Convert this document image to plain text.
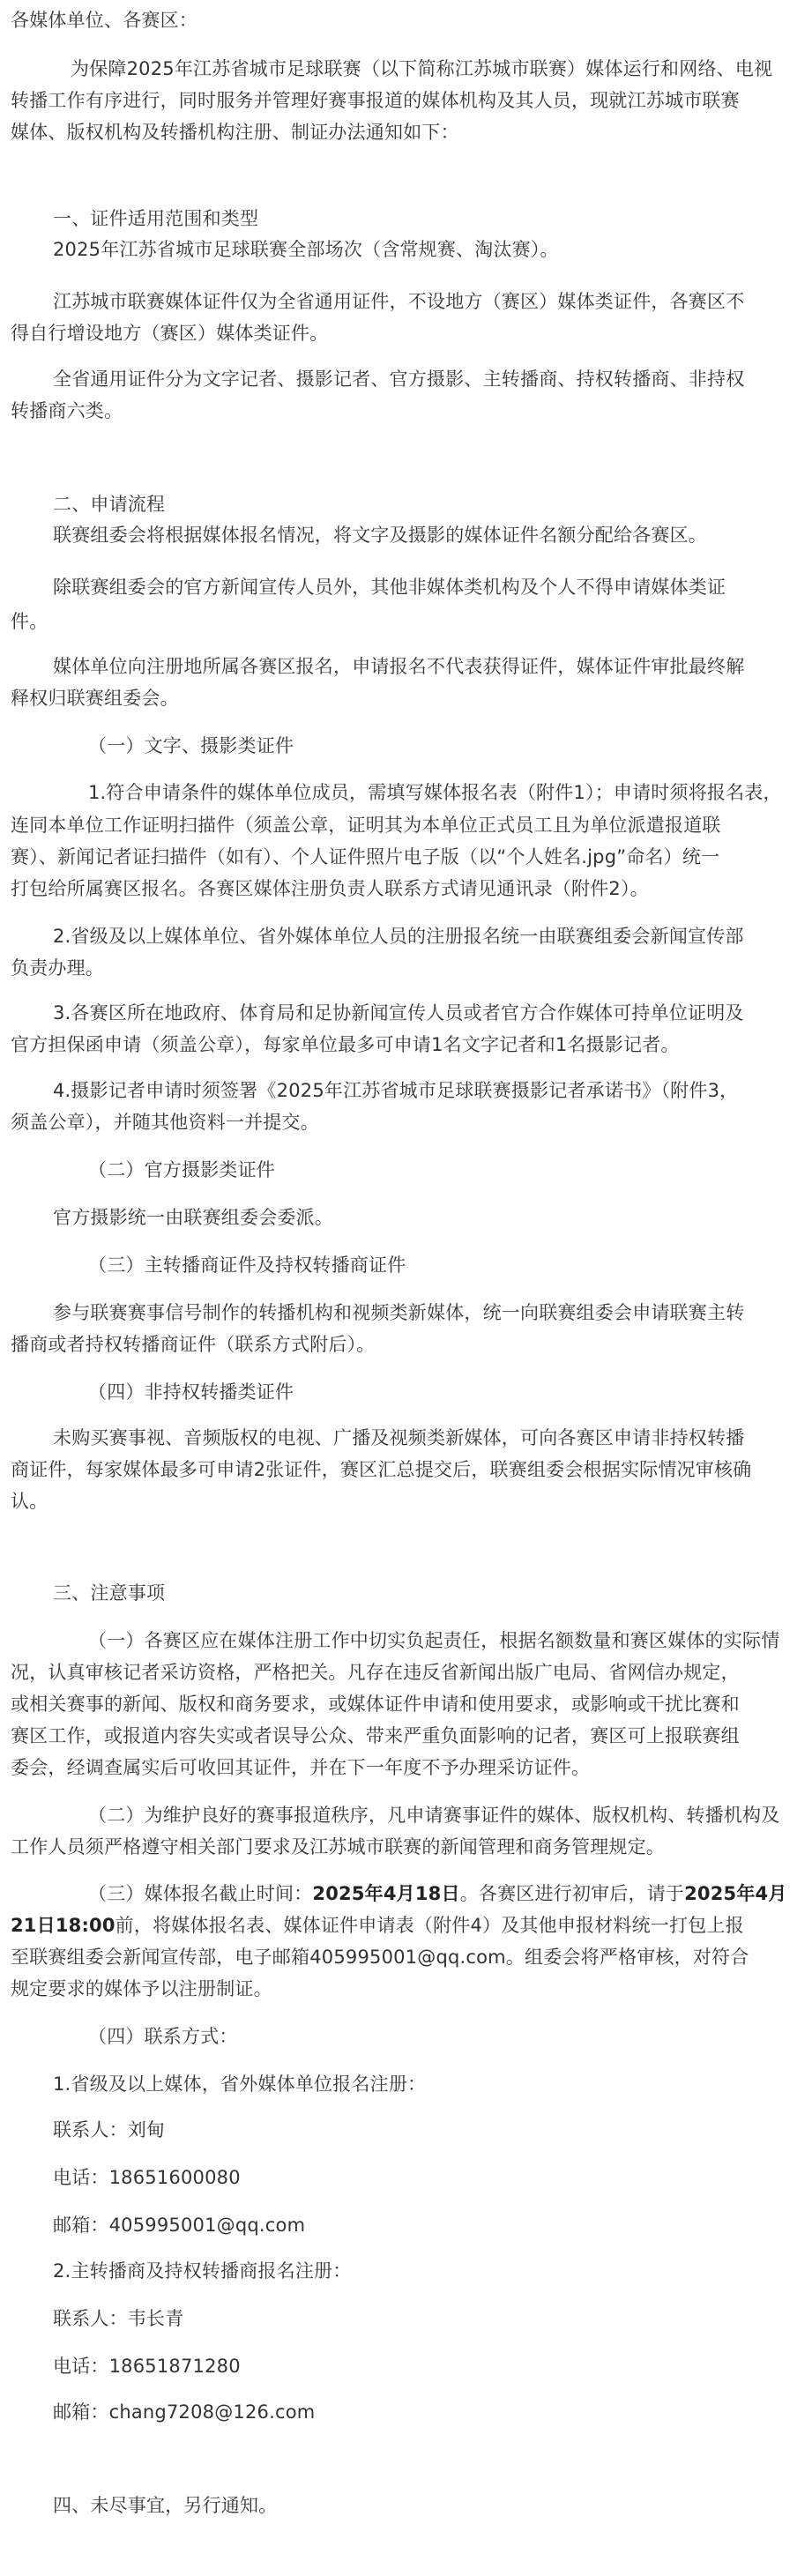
各媒体单位、各赛区：
为保障2025年江苏省城市足球联赛（以下简称江苏城市联赛）媒体运行和网络、电视
转播工作有序进行，同时服务并管理好赛事报道的媒体机构及其人员，现就江苏城市联赛
媒体、版权机构及转播机构注册、制证办法通知如下：
一、证件适用范围和类型
2025年江苏省城市足球联赛全部场次（含常规赛、淘汰赛）。
江苏城市联赛媒体证件仅为全省通用证件，不设地方（赛区）媒体类证件，各赛区不
得自行增设地方（赛区）媒体类证件。
全省通用证件分为文字记者、摄影记者、官方摄影、主转播商、持权转播商、非持权
转播商六类。
二、申请流程
联赛组委会将根据媒体报名情况，将文字及摄影的媒体证件名额分配给各赛区。
除联赛组委会的官方新闻宣传人员外，其他非媒体类机构及个人不得申请媒体类证
件。
媒体单位向注册地所属各赛区报名，申请报名不代表获得证件，媒体证件审批最终解
释权归联赛组委会。
（一）文字、摄影类证件
1.符合申请条件的媒体单位成员，需填写媒体报名表（附件1）；申请时须将报名表，
连同本单位工作证明扫描件（须盖公章，证明其为本单位正式员工且为单位派遣报道联
赛）、新闻记者证扫描件（如有）、个人证件照片电子版（以“个人姓名.jpg”命名）统一
打包给所属赛区报名。各赛区媒体注册负责人联系方式请见通讯录（附件2）。
2.省级及以上媒体单位、省外媒体单位人员的注册报名统一由联赛组委会新闻宣传部
负责办理。
3.各赛区所在地政府、体育局和足协新闻宣传人员或者官方合作媒体可持单位证明及
官方担保函申请（须盖公章），每家单位最多可申请1名文字记者和1名摄影记者。
4.摄影记者申请时须签署《2025年江苏省城市足球联赛摄影记者承诺书》（附件3，
须盖公章），并随其他资料一并提交。
（二）官方摄影类证件
官方摄影统一由联赛组委会委派。
（三）主转播商证件及持权转播商证件
参与联赛赛事信号制作的转播机构和视频类新媒体，统一向联赛组委会申请联赛主转
播商或者持权转播商证件（联系方式附后）。
（四）非持权转播类证件
未购买赛事视、音频版权的电视、广播及视频类新媒体，可向各赛区申请非持权转播
商证件，每家媒体最多可申请2张证件，赛区汇总提交后，联赛组委会根据实际情况审核确
认。
三、注意事项
（一）各赛区应在媒体注册工作中切实负起责任，根据名额数量和赛区媒体的实际情
况，认真审核记者采访资格，严格把关。凡存在违反省新闻出版广电局、省网信办规定，
或相关赛事的新闻、版权和商务要求，或媒体证件申请和使用要求，或影响或干扰比赛和
赛区工作，或报道内容失实或者误导公众、带来严重负面影响的记者，赛区可上报联赛组
委会，经调查属实后可收回其证件，并在下一年度不予办理采访证件。
（二）为维护良好的赛事报道秩序，凡申请赛事证件的媒体、版权机构、转播机构及
工作人员须严格遵守相关部门要求及江苏城市联赛的新闻管理和商务管理规定。
（三）媒体报名截止时间：2025年4月18日。各赛区进行初审后，请于2025年4月
21日18:00前，将媒体报名表、媒体证件申请表（附件4）及其他申报材料统一打包上报
至联赛组委会新闻宣传部，电子邮箱405995001@qq.com。组委会将严格审核，对符合
规定要求的媒体予以注册制证。
（四）联系方式：
1.省级及以上媒体，省外媒体单位报名注册：
联系人：刘甸
电话：18651600080
邮箱：405995001@qq.com
2.主转播商及持权转播商报名注册：
联系人：韦长青
电话：18651871280
邮箱：chang7208@126.com
四、未尽事宜，另行通知。
